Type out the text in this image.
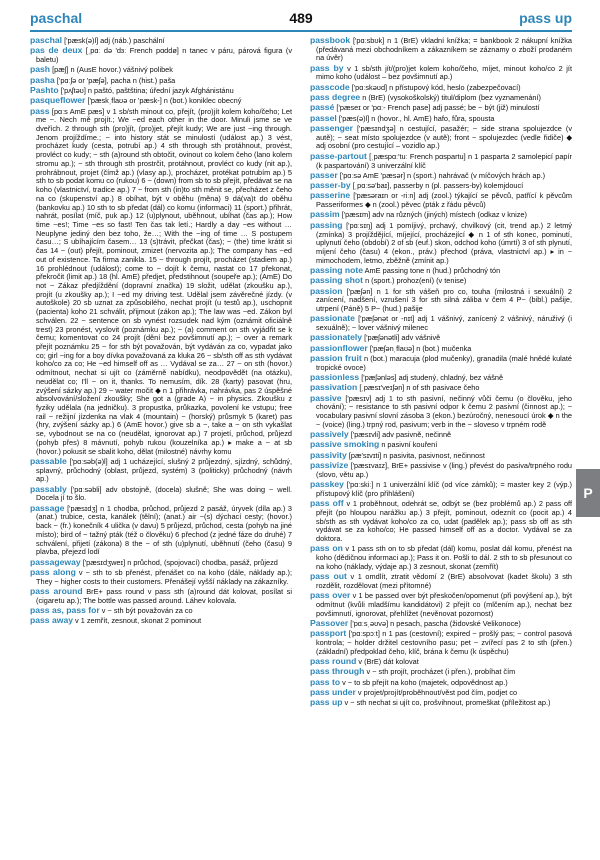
paschal	489	pass up

paschal ['pæsk(ə)l] adj (náb.) paschální

pas de deux [ˌpɑː də 'dɜː French pɑddø] n tanec v páru, párová figura (v baletu)

pash [pæʃ] n (AusE hovor.) vášnivý polibek

pasha ['pɑːʃə or 'pæʃə], pacha n (hist.) paša

Pashto ['pʌʃtəʊ] n paštó, paštština; úřední jazyk Afghánistánu

pasqueflower ['pæskˌflaʊə or 'pæsk-] n (bot.) koniklec obecný

pass [pɑːs AmE pæs] v 1 sb/sth minout co, přejít, (pro)jít kolem koho/čeho; Let me ~. Nech mě projít.; We ~ed each other in the door. Minuli jsme se ve dveřích. 2 through sth (pro)jít, (pro)jet, přejít kudy; We are just ~ing through. Jenom projíždíme.; ~ into history stát se minulostí (událost ap.) 3 vést, procházet kudy (cesta, potrubí ap.) 4 sth through sth protáhnout, provést, provléct co kudy; ~ sth (a)round sth obtočit, ovinout co kolem čeho (lano kolem stromu ap.); ~ sth through sth prostrčit, protáhnout, provléct co kudy (nit ap.), prohrábnout, projet (čímž ap.) (vlasy ap.), procházet, protékat potrubím ap.) 5 sth to sb podat komu co (rukou) 6 ~ (down) from sb to sb přejít, předávat se na koho (vlastnictví, tradice ap.) 7 ~ from sth (in)to sth měnit se, přecházet z čeho na co (skupenství ap.) 8 obíhat, být v oběhu (měna) 9 dá(va)t do oběhu (bankovku ap.) 10 sth to sb předat (dál) co komu (informaci) 11 (sport.) přihrát, nahrát, posílat (míč, puk ap.) 12 (u)plynout, uběhnout, ubíhat (čas ap.); How time ~es!; Time ~es so fast! Ten čas tak letí.; Hardly a day ~es without … Neuplyne jediný den bez toho, že…; With the ~ing of time … S postupem času…; S ubíhajícím časem… 13 (s)trávit, přečkat (čas); ~ (the) time krátit si čas 14 ~ (out) přejít, pominout, zmizet (nervozita ap.); The company has ~ed out of existence. Ta firma zanikla. 15 ~ through projít, procházet (stadiem ap.) 16 prohlédnout (událost); come to ~ dojít k čemu, nastat co 17 překonat, překročit (limit ap.) 18 (hl. AmE) předjet, předstihnout (soupeře ap.); (AmE) Do not ~ Zákaz předjíždění (dopravní značka) 19 složit, udělat (zkoušku ap.), projít (u zkoušky ap.); I ~ed my driving test. Udělal jsem závěrečné jízdy. (v autoškole) 20 sb uznat za způsobilého, nechat projít (u testů ap.), uschopnit (pacienta) koho 21 schválit, přijmout (zákon ap.); The law was ~ed. Zákon byl schválen. 22 ~ sentence on sb vynést rozsudek nad kým (oznámit oficiálně trest) 23 pronést, vyslovit (poznámku ap.); ~ (a) comment on sth vyjádřit se k čemu; komentovat co 24 projít (dění bez povšimnutí ap.); ~ over a remark přejít poznámku 25 ~ for sth být považován, být vydáván za co, vypadat jako co; girl ~ing for a boy dívka považovaná za kluka 26 ~ sb/sth off as sth vydávat koho/co za co; He ~ed himself off as … Vydával se za… 27 ~ on sth (hovor.) odmítnout, nechat si ujít co (záměrně nabídku), neodpovědět (na otázku), neudělat co; I'll ~ on it, thanks. To nemusím, dík. 28 (karty) pasovat (hru, zvýšení sázky ap.) 29 ~ water močit ◆ n 1 přihrávka, nahrávka, pas 2 úspěšné absolvování/složení zkoušky; She got a (grade A) ~ in physics. Zkoušku z fyziky udělala (na jedničku). 3 propustka, průkazka, povolení ke vstupu; free rail ~ režijní jízdenka na vlak 4 (mountain) ~ (horský) průsmyk 5 (karet) pas (hry, zvýšení sázky ap.) 6 (AmE hovor.) give sb a ~, take a ~ on sth vykašlat se, vybodnout se na co (neudělat, ignorovat ap.) 7 projetí, průchod, průjezd (pohyb přes) 8 mávnutí, pohyb rukou (kouzelníka ap.) ▸ make a ~ at sb (hovor.) pokusit se sbalit koho, dělat (milostné) návrhy komu

passable ['pɑːsəb(ə)l] adj 1 ucházející, slušný 2 průjezdný, sjízdný, schůdný, splavný, průchodný (oblast, průjezd, systém) 3 (politicky) průchodný (návrh ap.)

passably ['pɑːsəbli] adv obstojně, (docela) slušně; She was doing ~ well. Docela jí to šlo.

passage ['pæsɪdʒ] n 1 chodba, průchod, průjezd 2 pasáž, úryvek (díla ap.) 3 (anat.) trubice, cesta, kanálek (tělní); (anat.) air ~(s) dýchací cesty; (hovor.) back ~ (fr.) konečník 4 ulička (v davu) 5 průjezd, průchod, cesta (pohyb na jiné místo); bird of ~ tažný pták (též o člověku) 6 přechod (z jedné fáze do druhé) 7 schválení, přijetí (zákona) 8 the ~ of sth (u)plynutí, uběhnutí (čeho (času) 9 plavba, přejezd lodí

passageway ['pæsɪdʒweɪ] n průchod, (spojovací) chodba, pasáž, průjezd

pass along v ~ sth to sb přenést, přenášet co na koho (dále, náklady ap.); They ~ higher costs to their customers. Přenášejí vyšší náklady na zákazníky.

pass around BrE+ pass round v pass sth (a)round dát kolovat, posílat si (cigaretu ap.); The bottle was passed around. Láhev kolovala.

pass as, pass for v ~ sth být považován za co

pass away v 1 zemřít, zesnout, skonat 2 pominout

passbook ['pɑːsbʊk] n 1 (BrE) vkladní knížka; = bankbook 2 nákupní knížka (předávaná mezi obchodníkem a zákazníkem se záznamy o zboží prodaném na úvěr)

pass by v 1 sb/sth jít/(pro)jet kolem koho/čeho, míjet, minout koho/co 2 jít mimo koho (událost – bez povšimnutí ap.)

passcode ['pɑːskəʊd] n přístupový kód, heslo (zabezpečovací)

pass degree n (BrE) (vysokoškolský) titul/diplom (bez vyznamenání)

passé ['pæseɪ or 'pɑː- French pase] adj passé; be ~ být (již) minulostí

passel ['pæs(ə)l] n (hovor., hl. AmE) hafo, fůra, spousta

passenger ['pæsɪndʒə] n cestující, pasažér; ~ side strana spolujezdce (v autě); ~ seat místo spolujezdce (v autě); front ~ spolujezdec (vedle řidiče) ◆ adj osobní (pro cestující – vozidlo ap.)

passe-partout [ˌpæspɑː'tuː French pɑspartu] n 1 pasparta 2 samolepicí papír (k paspartování) 3 univerzální klíč

passer ['pɑːsə AmE 'pæsər] n (sport.) nahrávač (v míčových hrách ap.)

passer-by [ˌpɑːsə'baɪ], passerby n (pl. passers-by) kolemjdoucí

passerine ['pæsəraɪn or -riːn] adj (zool.) týkající se pěvců, patřící k pěvcům Passeriformes ◆ n (zool.) pěvec (pták z řádu pěvců)

passim ['pæsɪm] adv na různých (jiných) místech (odkaz v knize)

passing ['pɑːsɪŋ] adj 1 pomíjivý, prchavý, chvilkový (cit, trend ap.) 2 letmý (zmínka) 3 projíždějící, míjející, procházející ◆ n 1 of sth konec, pominutí, uplynutí čeho (období) 2 of sb (euf.) skon, odchod koho (úmrtí) 3 of sth plynutí, míjení čeho (času) 4 (ekon., práv.) přechod (práva, vlastnictví ap.) ▸ in ~ mimochodem, letmo, zběžně (zmínit ap.)

passing note AmE passing tone n (hud.) průchodný tón

passing shot n (sport.) prohoz(ení) (v tenise)

passion ['pæʃən] n 1 for sth vášeň pro co, touha (milostná i sexuální) 2 zanícení, nadšení, vzrušení 3 for sth silná záliba v čem 4 P~ (bibl.) pašije, utrpení (Páně) 5 P~ (hud.) pašije

passionate ['pæʃənət or -nɪt] adj 1 vášnivý, zanícený 2 vášnivý, náruživý (i sexuálně); ~ lover vášnivý milenec

passionately ['pæʃənətli] adv vášnivě

passionflower ['pæʃənˌflaʊə] n (bot.) mučenka

passion fruit n (bot.) maracuja (plod mučenky), granadila (malé hnědé kulaté tropické ovoce)

passionless ['pæʃənləs] adj studený, chladný, bez vášně

passivation [ˌpæsɪ'veɪʃən] n of sth pasivace čeho

passive ['pæsɪv] adj 1 to sth pasivní, nečinný vůči čemu (o člověku, jeho chování); ~ resistance to sth pasivní odpor k čemu 2 pasivní (činnost ap.); ~ vocabulary pasivní slovní zásoba 3 (ekon.) bezúročný, nenesoucí úrok ◆ n the ~ (voice) (ling.) trpný rod, pasivum; verb in the ~ sloveso v trpném rodě

passively ['pæsɪvli] adv pasivně, nečinně

passive smoking n pasivní kouření

passivity [pæ'sɪvɪti] n pasivita, pasivnost, nečinnost

passivize ['pæsɪvaɪz], BrE+ passivise v (ling.) převést do pasiva/trpného rodu (slovo, větu ap.)

passkey ['pɑːskiː] n 1 univerzální klíč (od více zámků); = master key 2 (výp.) přístupový klíč (pro přihlášení)

pass off v 1 proběhnout, odehrát se, odbýt se (bez problémů ap.) 2 pass off přejít (po hloupou narážku ap.) 3 přejít, pominout, odeznít co (pocit ap.) 4 sb/sth as sth vydávat koho/co za co, udat (padělek ap.); pass sb off as sth vydávat se za koho/co; He passed himself off as a doctor. Vydával se za doktora.

pass on v 1 pass sth on to sb předat (dál) komu, poslat dál komu, přenést na koho (dědičnou informaci ap.); Pass it on. Pošli to dál. 2 sth to sb přesunout co na koho (náklady, výdaje ap.) 3 zesnout, skonat (zemřít)

pass out v 1 omdlít, ztratit vědomí 2 (BrE) absolvovat (kadet školu) 3 sth rozdělit, rozdělovat (mezi přítomné)

pass over v 1 be passed over být přeskočen/opomenut (při povýšení ap.), být odmítnut (kvůli mladšímu kandidátovi) 2 přejít co (mlčením ap.), nechat bez povšimnutí, ignorovat, přehlížet (nevěnovat pozornost)

Passover ['pɑːsˌəʊvə] n pesach, pascha (židovské Velikonoce)

passport ['pɑːspɔːt] n 1 pas (cestovní); expired ~ prošlý pas; ~ control pasová kontrola; ~ holder držitel cestovního pasu; pet ~ zvířecí pas 2 to sth (přen.) (základní) předpoklad čeho, klíč, brána k čemu (k úspěchu)

pass round v (BrE) dát kolovat

pass through v ~ sth projít, procházet (i přen.), probíhat čím

pass to v ~ to sb přejít na koho (majetek, odpovědnost ap.)

pass under v projet/projít/proběhnout/věst pod čím, podjet co

pass up v ~ sth nechat si ujít co, prošvihnout, promeškat (příležitost ap.)

P
